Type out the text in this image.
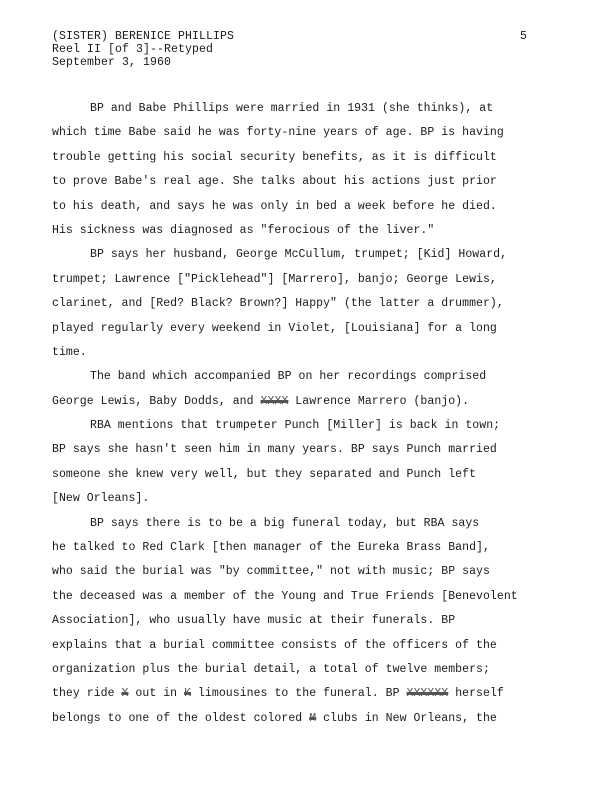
(SISTER) BERENICE PHILLIPS
Reel II [of 3]--Retyped
September 3, 1960
5
BP and Babe Phillips were married in 1931 (she thinks), at
which time Babe said he was forty-nine years of age. BP is having
trouble getting his social security benefits, as it is difficult
to prove Babe's real age. She talks about his actions just prior
to his death, and says he was only in bed a week before he died.
His sickness was diagnosed as "ferocious of the liver."
BP says her husband, George McCullum, trumpet; [Kid] Howard,
trumpet; Lawrence ["Picklehead"] [Marrero], banjo; George Lewis,
clarinet, and [Red? Black? Brown?] Happy" (the latter a drummer),
played regularly every weekend in Violet, [Louisiana] for a long
time.
The band which accompanied BP on her recordings comprised
George Lewis, Baby Dodds, and XXXX Lawrence Marrero (banjo).
RBA mentions that trumpeter Punch [Miller] is back in town;
BP says she hasn't seen him in many years. BP says Punch married
someone she knew very well, but they separated and Punch left
[New Orleans].
BP says there is to be a big funeral today, but RBA says
he talked to Red Clark [then manager of the Eureka Brass Band],
who said the burial was "by committee," not with music; BP says
the deceased was a member of the Young and True Friends [Benevolent
Association], who usually have music at their funerals. BP
explains that a burial committee consists of the officers of the
organization plus the burial detail, a total of twelve members;
they ride X out in K limousines to the funeral. BP XXXXXX herself
belongs to one of the oldest colored M clubs in New Orleans, the
